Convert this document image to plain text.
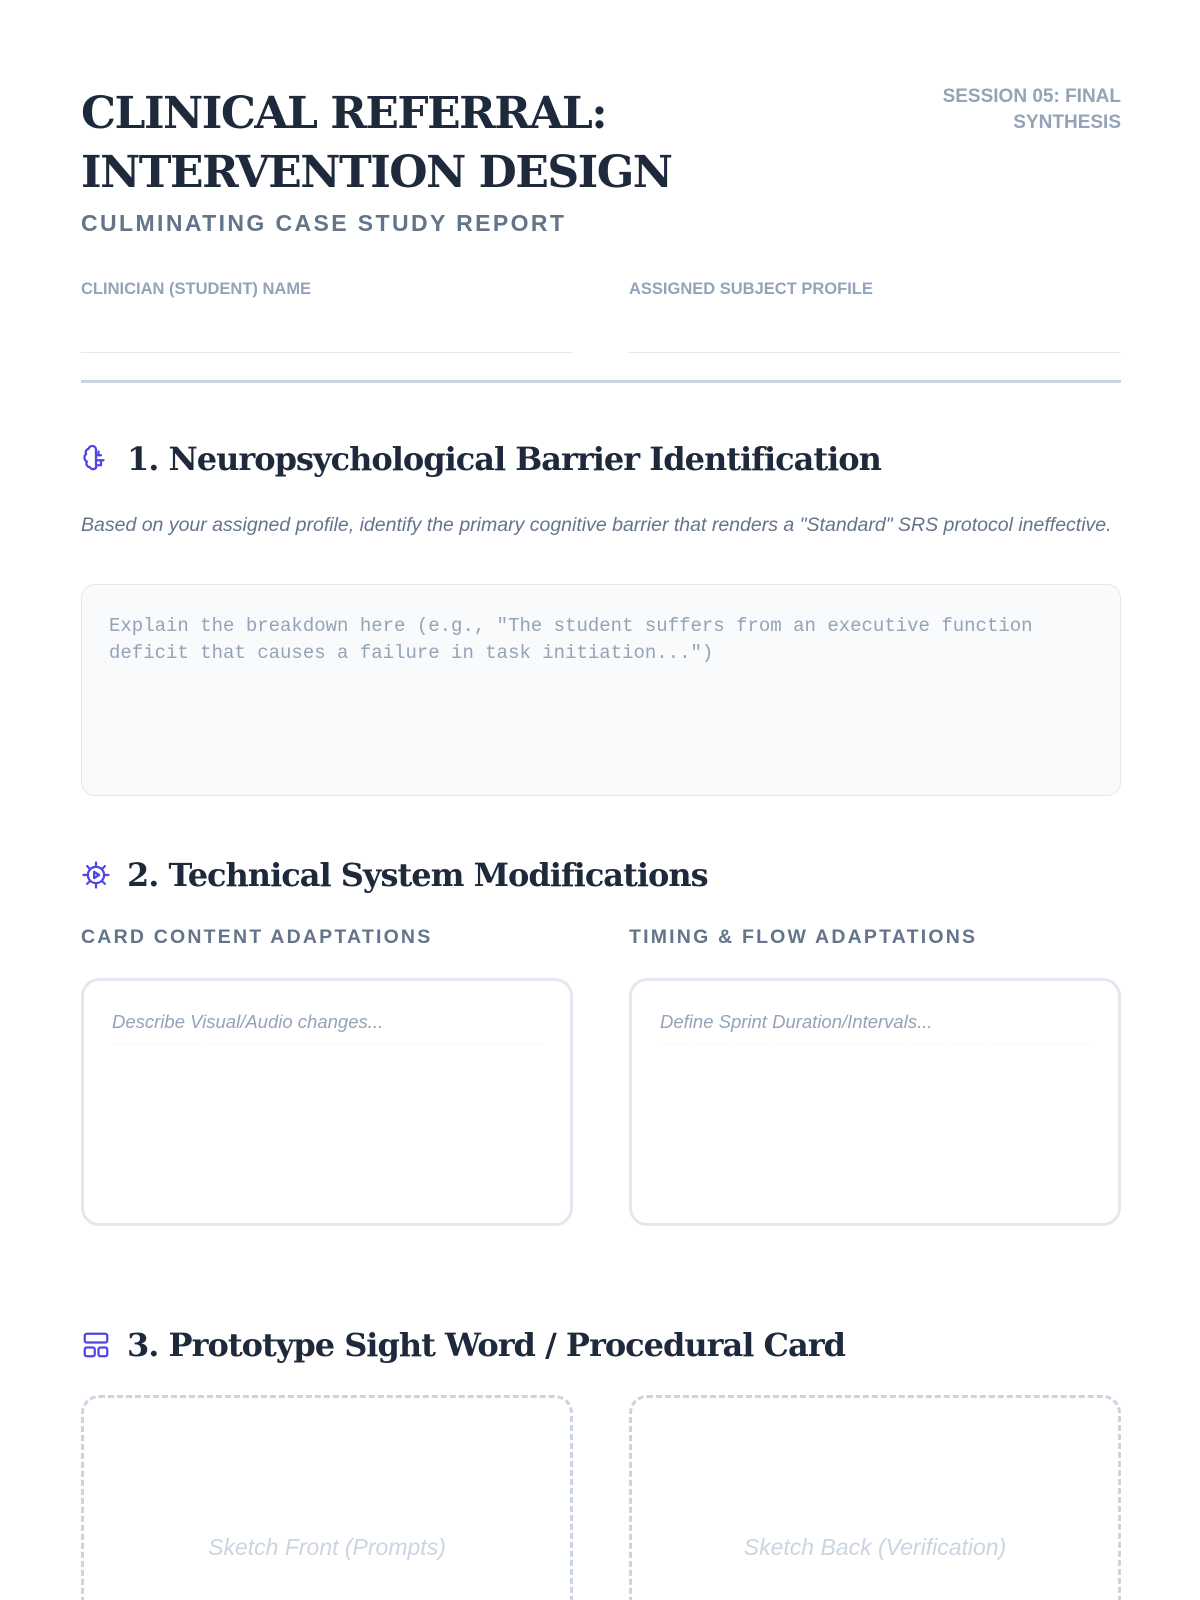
CLINICAL REFERRAL:
INTERVENTION DESIGN
CULMINATING CASE STUDY REPORT
SESSION 05: FINAL
SYNTHESIS
CLINICIAN (STUDENT) NAME	ASSIGNED SUBJECT PROFILE
1. Neuropsychological Barrier Identification
Based on your assigned profile, identify the primary cognitive barrier that renders a "Standard" SRS protocol ineffective.
Explain the breakdown here (e.g., "The student suffers from an executive function
deficit that causes a failure in task initiation...")
2. Technical System Modifications
CARD CONTENT ADAPTATIONS	TIMING & FLOW ADAPTATIONS
Describe Visual/Audio changes...	Define Sprint Duration/Intervals...
3. Prototype Sight Word / Procedural Card
Sketch Front (Prompts)	Sketch Back (Verification)
